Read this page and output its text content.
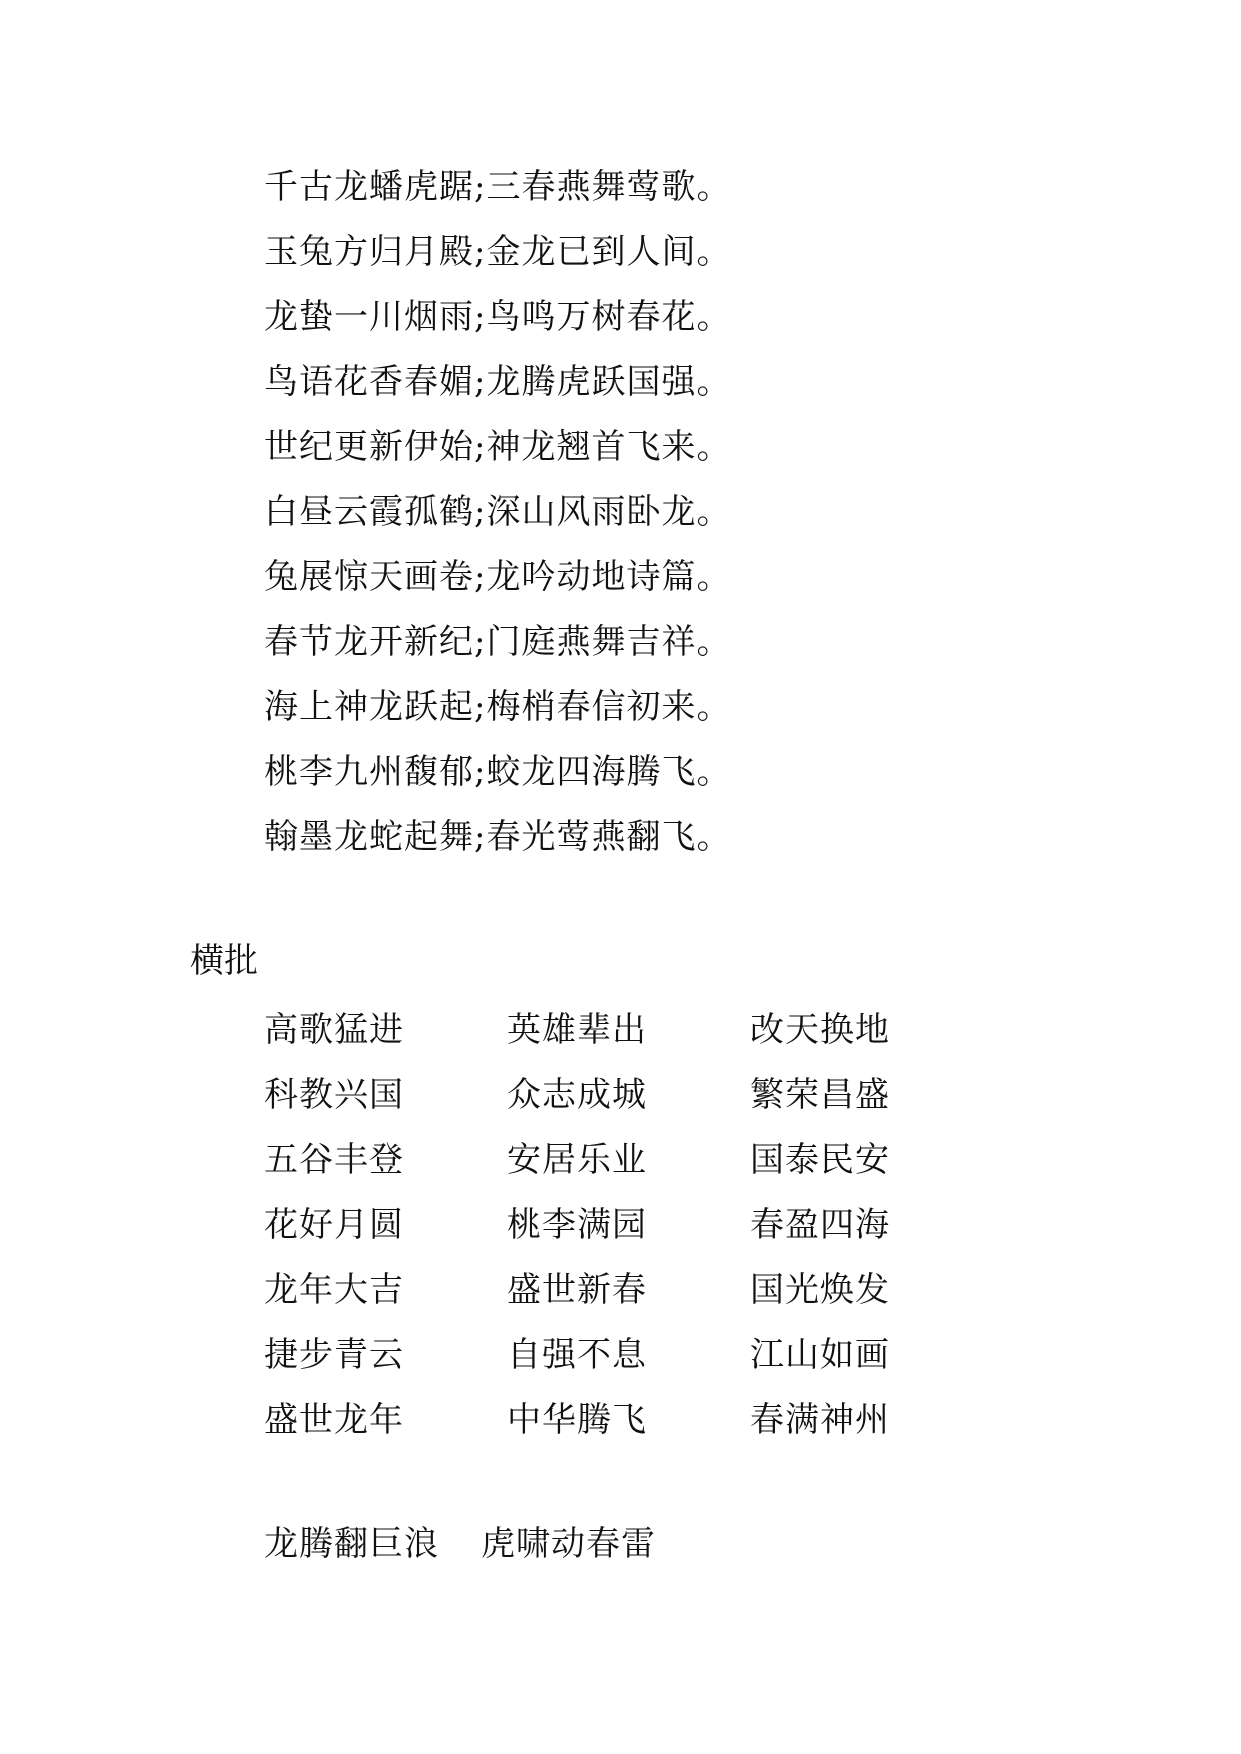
千古龙蟠虎踞;三春燕舞莺歌。
玉兔方归月殿;金龙已到人间。
龙蛰一川烟雨;鸟鸣万树春花。
鸟语花香春媚;龙腾虎跃国强。
世纪更新伊始;神龙翘首飞来。
白昼云霞孤鹤;深山风雨卧龙。
兔展惊天画卷;龙吟动地诗篇。
春节龙开新纪;门庭燕舞吉祥。
海上神龙跃起;梅梢春信初来。
桃李九州馥郁;蛟龙四海腾飞。
翰墨龙蛇起舞;春光莺燕翻飞。
横批
高歌猛进	英雄辈出	改天换地
科教兴国	众志成城	繁荣昌盛
五谷丰登	安居乐业	国泰民安
花好月圆	桃李满园	春盈四海
龙年大吉	盛世新春	国光焕发
捷步青云	自强不息	江山如画
盛世龙年	中华腾飞	春满神州
龙腾翻巨浪 虎啸动春雷
